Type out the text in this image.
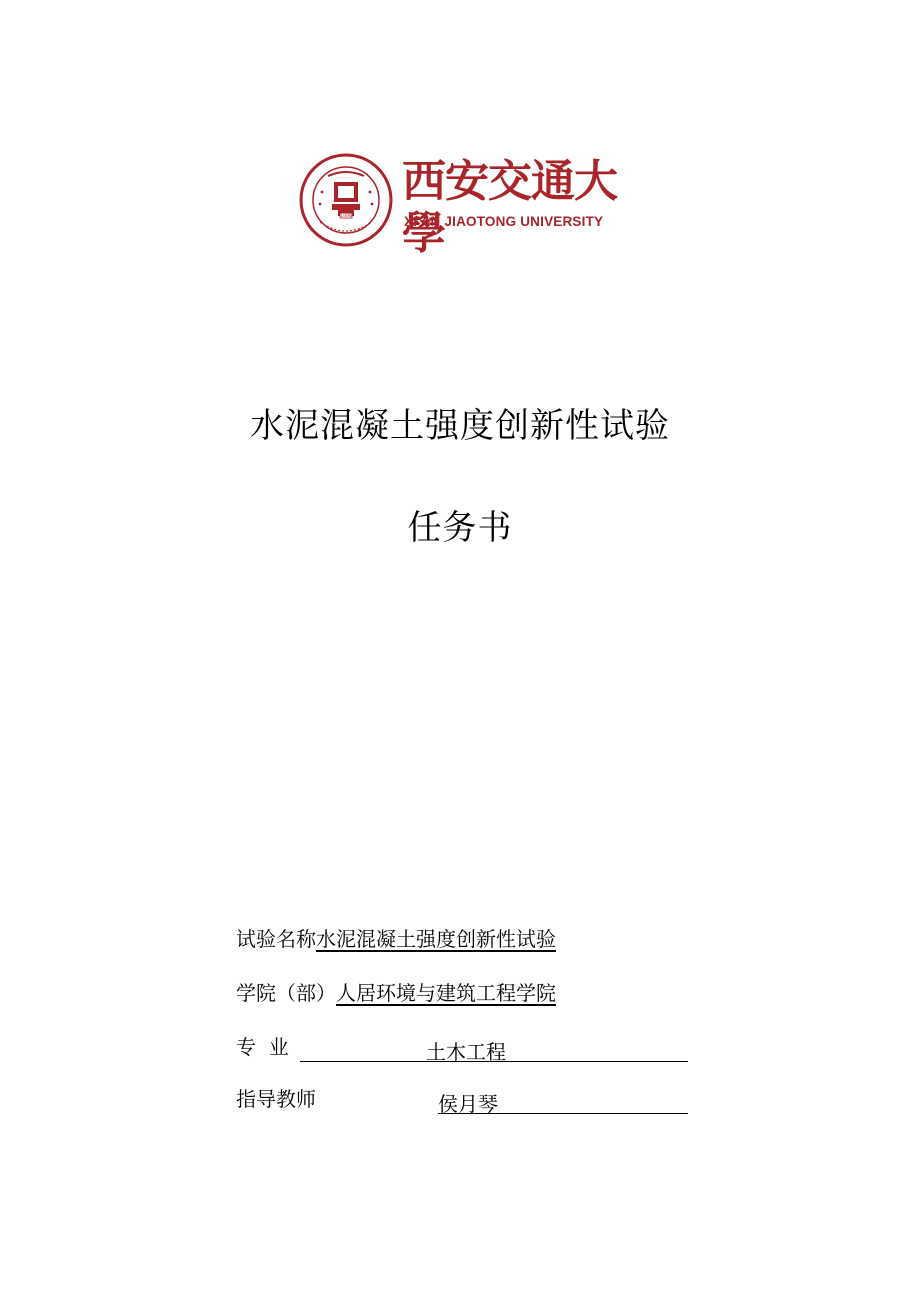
1896
西安交通大學
XI'AN JIAOTONG UNIVERSITY
水泥混凝土强度创新性试验
任务书
试验名称水泥混凝土强度创新性试验
学院（部）人居环境与建筑工程学院
专  业	土木工程
指导教师	侯月琴
